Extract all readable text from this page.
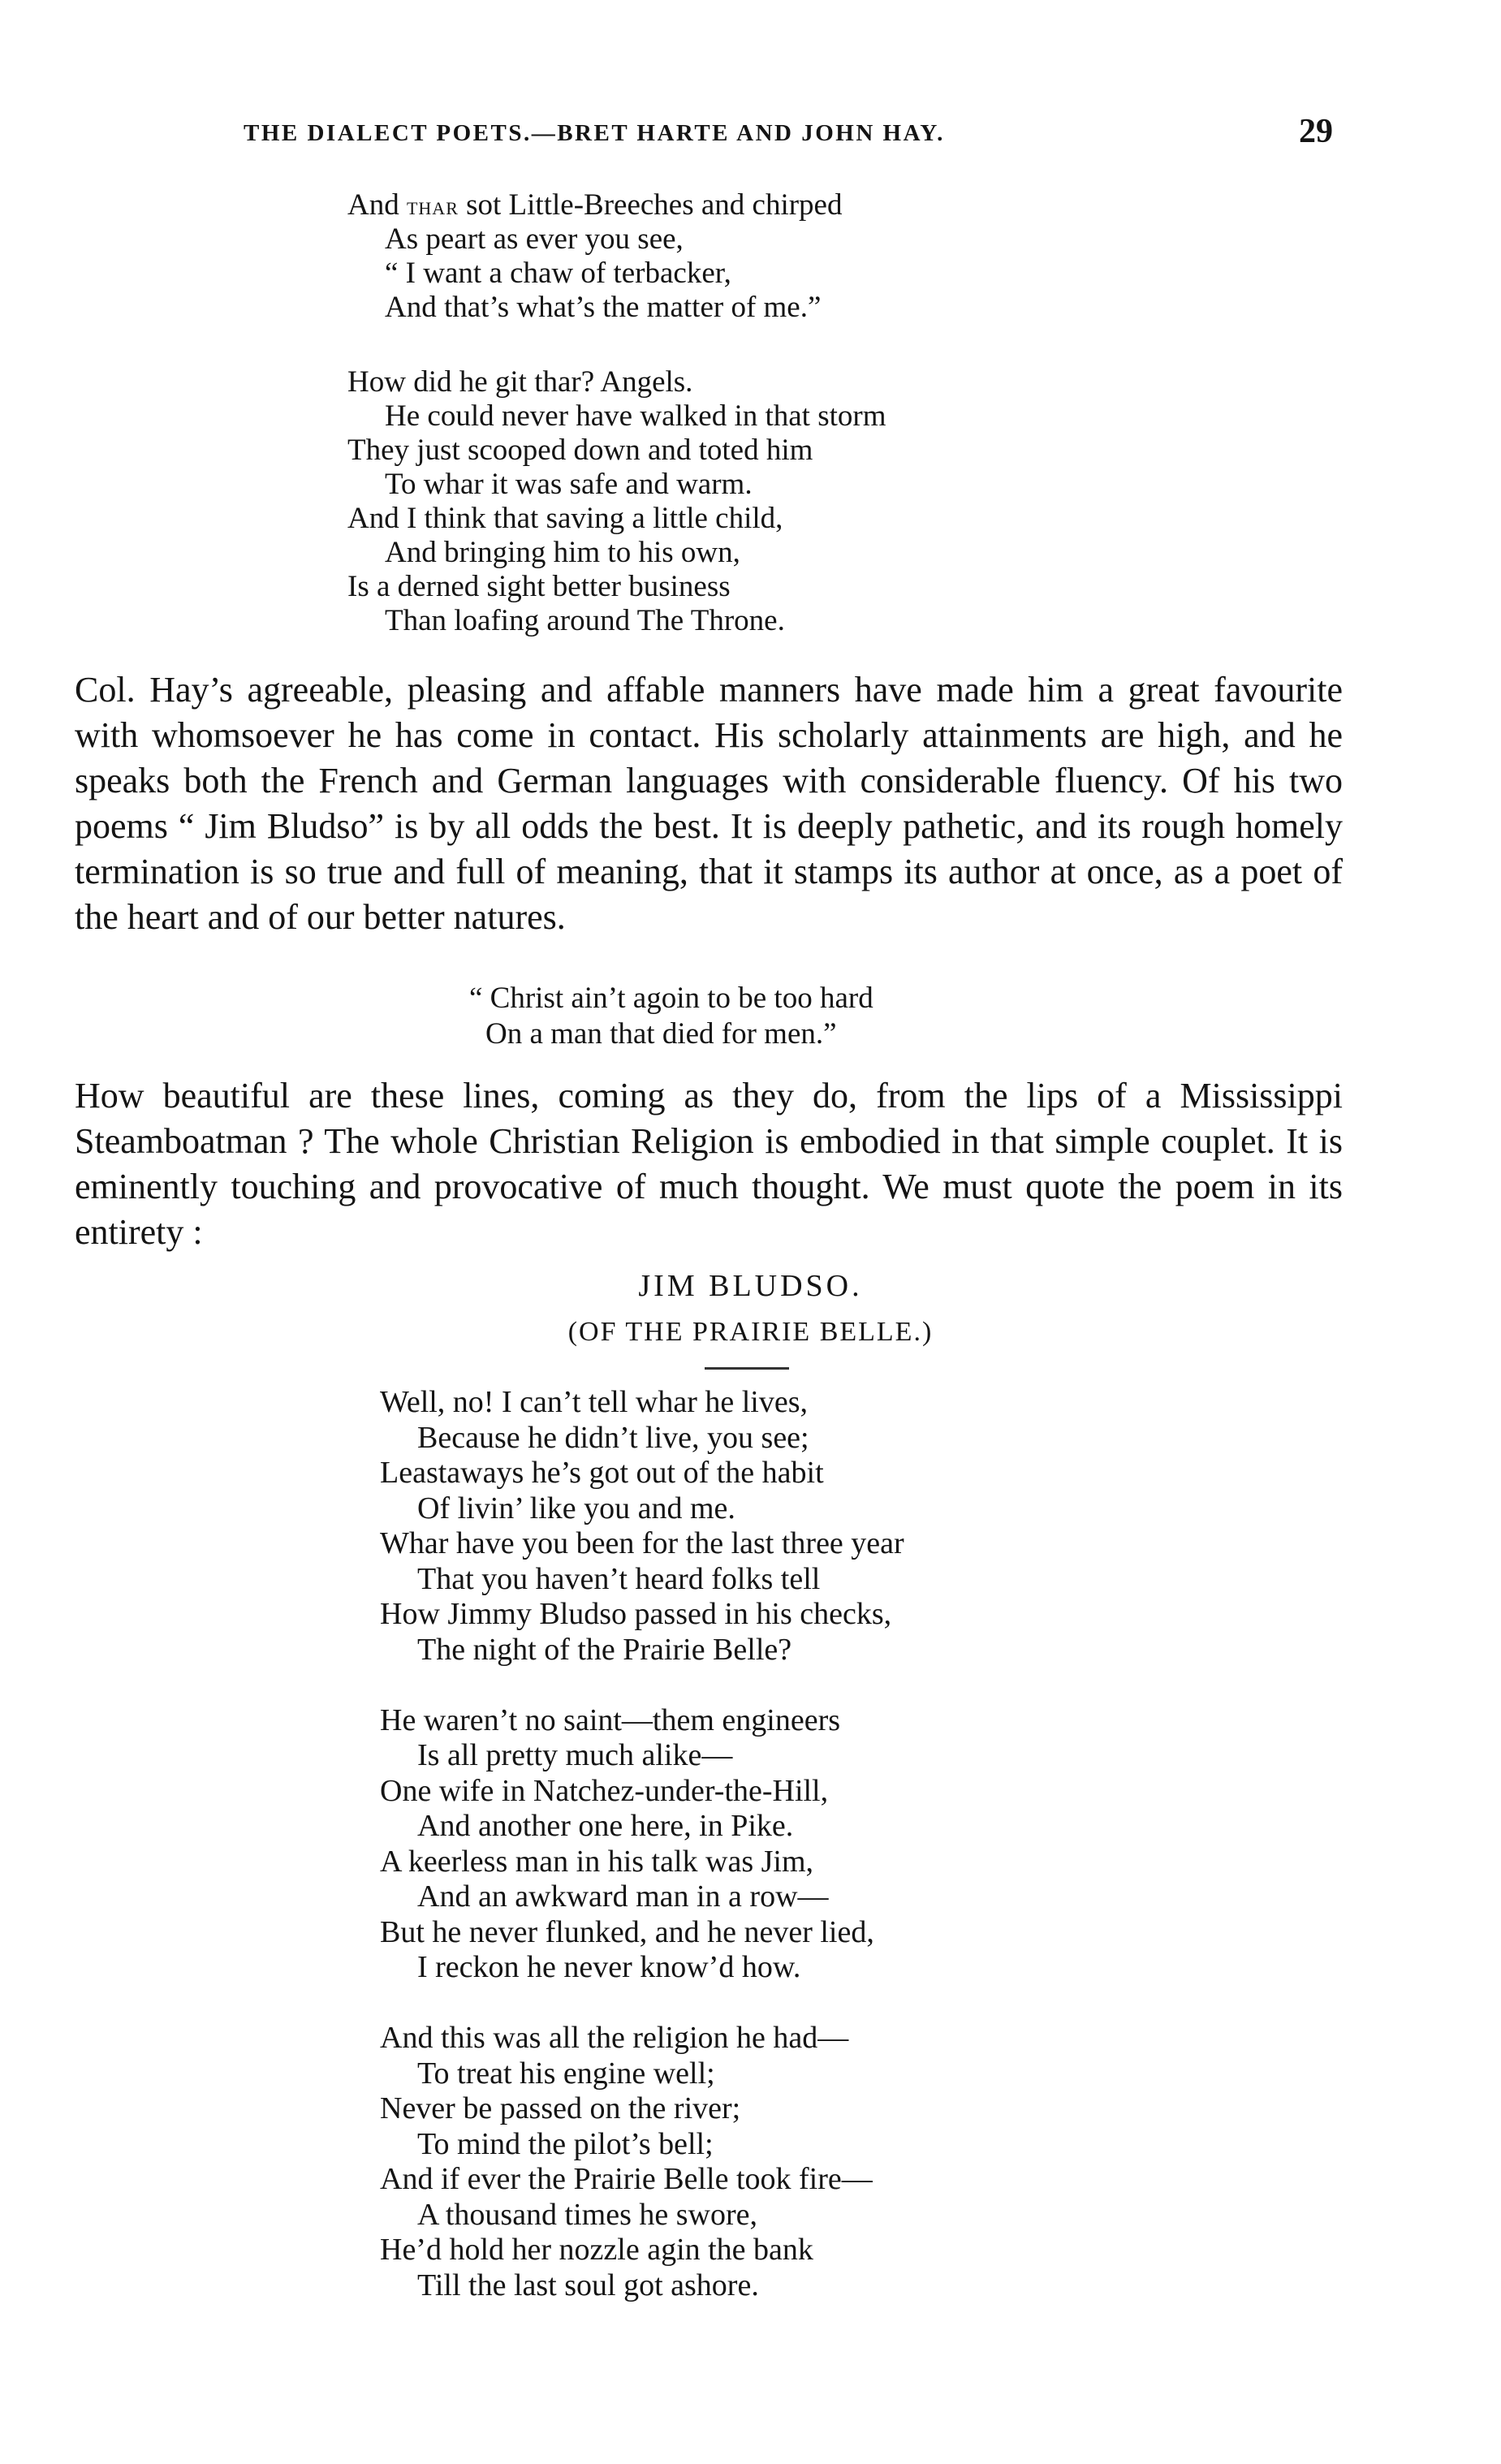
THE DIALECT POETS.—BRET HARTE AND JOHN HAY.	29
And thar sot Little-Breeches and chirped
As peart as ever you see,
“ I want a chaw of terbacker,
And that’s what’s the matter of me.”
How did he git thar? Angels.
He could never have walked in that storm
They just scooped down and toted him
To whar it was safe and warm.
And I think that saving a little child,
And bringing him to his own,
Is a derned sight better business
Than loafing around The Throne.

Col. Hay’s agreeable, pleasing and affable manners have made him a great favourite with whomsoever he has come in contact. His scholarly attainments are high, and he speaks both the French and German languages with considerable fluency. Of his two poems “ Jim Bludso” is by all odds the best. It is deeply pathetic, and its rough homely termination is so true and full of meaning, that it stamps its author at once, as a poet of the heart and of our better natures.

“ Christ ain’t agoin to be too hard
On a man that died for men.”

How beautiful are these lines, coming as they do, from the lips of a Mississippi Steamboatman ? The whole Christian Religion is embodied in that simple couplet. It is eminently touching and provocative of much thought. We must quote the poem in its entirety :

JIM BLUDSO.
(OF THE PRAIRIE BELLE.)
Well, no! I can’t tell whar he lives,
Because he didn’t live, you see;
Leastaways he’s got out of the habit
Of livin’ like you and me.
Whar have you been for the last three year
That you haven’t heard folks tell
How Jimmy Bludso passed in his checks,
The night of the Prairie Belle?
He waren’t no saint—them engineers
Is all pretty much alike—
One wife in Natchez-under-the-Hill,
And another one here, in Pike.
A keerless man in his talk was Jim,
And an awkward man in a row—
But he never flunked, and he never lied,
I reckon he never know’d how.
And this was all the religion he had—
To treat his engine well;
Never be passed on the river;
To mind the pilot’s bell;
And if ever the Prairie Belle took fire—
A thousand times he swore,
He’d hold her nozzle agin the bank
Till the last soul got ashore.
